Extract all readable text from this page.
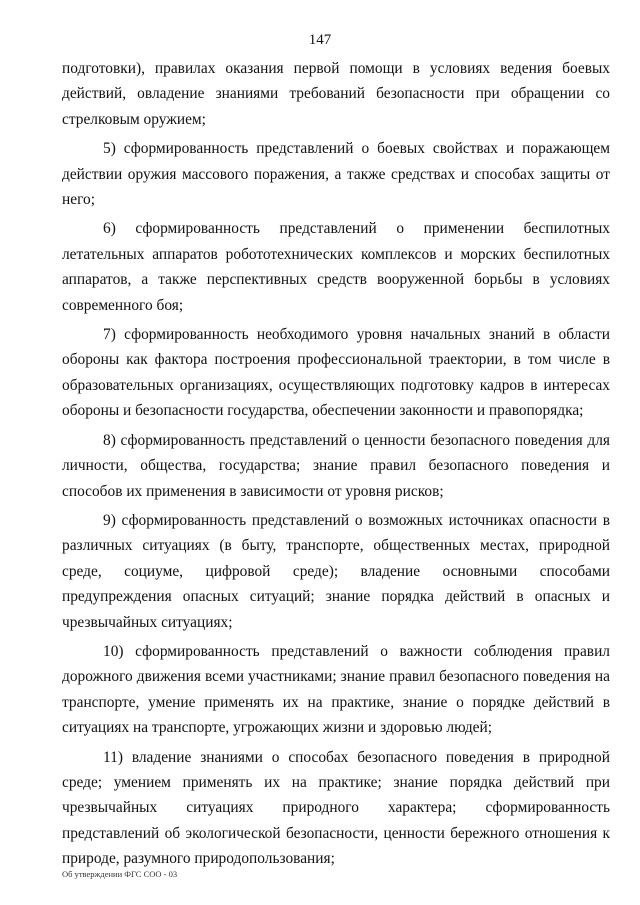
147

подготовки), правилах оказания первой помощи в условиях ведения боевых действий, овладение знаниями требований безопасности при обращении со стрелковым оружием;

5) сформированность представлений о боевых свойствах и поражающем действии оружия массового поражения, а также средствах и способах защиты от него;

6) сформированность представлений о применении беспилотных летательных аппаратов робототехнических комплексов и морских беспилотных аппаратов, а также перспективных средств вооруженной борьбы в условиях современного боя;

7) сформированность необходимого уровня начальных знаний в области обороны как фактора построения профессиональной траектории, в том числе в образовательных организациях, осуществляющих подготовку кадров в интересах обороны и безопасности государства, обеспечении законности и правопорядка;

8) сформированность представлений о ценности безопасного поведения для личности, общества, государства; знание правил безопасного поведения и способов их применения в зависимости от уровня рисков;

9) сформированность представлений о возможных источниках опасности в различных ситуациях (в быту, транспорте, общественных местах, природной среде, социуме, цифровой среде); владение основными способами предупреждения опасных ситуаций; знание порядка действий в опасных и чрезвычайных ситуациях;

10) сформированность представлений о важности соблюдения правил дорожного движения всеми участниками; знание правил безопасного поведения на транспорте, умение применять их на практике, знание о порядке действий в ситуациях на транспорте, угрожающих жизни и здоровью людей;

11) владение знаниями о способах безопасного поведения в природной среде; умением применять их на практике; знание порядка действий при чрезвычайных ситуациях природного характера; сформированность представлений об экологической безопасности, ценности бережного отношения к природе, разумного природопользования;

Об утверждении ФГС СОО - 03
